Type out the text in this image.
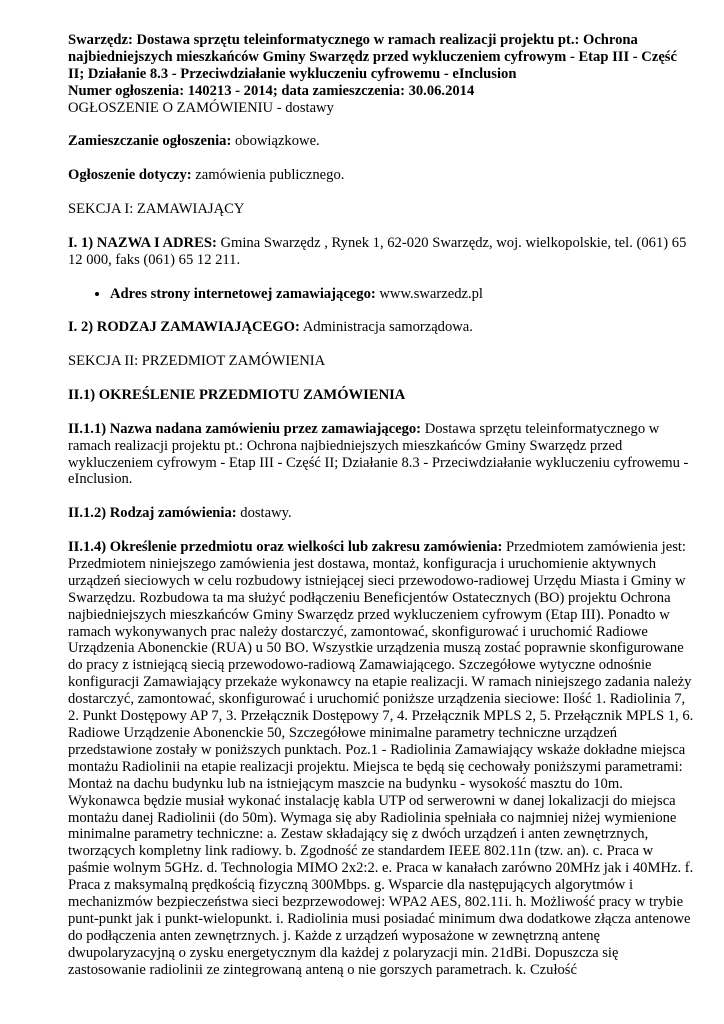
Swarzędz: Dostawa sprzętu teleinformatycznego w ramach realizacji projektu pt.: Ochrona najbiedniejszych mieszkańców Gminy Swarzędz przed wykluczeniem cyfrowym - Etap III - Część II; Działanie 8.3 - Przeciwdziałanie wykluczeniu cyfrowemu - eInclusion
Numer ogłoszenia: 140213 - 2014; data zamieszczenia: 30.06.2014
OGŁOSZENIE O ZAMÓWIENIU - dostawy

Zamieszczanie ogłoszenia: obowiązkowe.

Ogłoszenie dotyczy: zamówienia publicznego.

SEKCJA I: ZAMAWIAJĄCY

I. 1) NAZWA I ADRES: Gmina Swarzędz , Rynek 1, 62-020 Swarzędz, woj. wielkopolskie, tel. (061) 65 12 000, faks (061) 65 12 211.

• Adres strony internetowej zamawiającego: www.swarzedz.pl

I. 2) RODZAJ ZAMAWIAJĄCEGO: Administracja samorządowa.

SEKCJA II: PRZEDMIOT ZAMÓWIENIA

II.1) OKREŚLENIE PRZEDMIOTU ZAMÓWIENIA

II.1.1) Nazwa nadana zamówieniu przez zamawiającego: Dostawa sprzętu teleinformatycznego w ramach realizacji projektu pt.: Ochrona najbiedniejszych mieszkańców Gminy Swarzędz przed wykluczeniem cyfrowym - Etap III - Część II; Działanie 8.3 - Przeciwdziałanie wykluczeniu cyfrowemu - eInclusion.

II.1.2) Rodzaj zamówienia: dostawy.

II.1.4) Określenie przedmiotu oraz wielkości lub zakresu zamówienia: Przedmiotem zamówienia jest: Przedmiotem niniejszego zamówienia jest dostawa, montaż, konfiguracja i uruchomienie aktywnych urządzeń sieciowych w celu rozbudowy istniejącej sieci przewodowo-radiowej Urzędu Miasta i Gminy w Swarzędzu. Rozbudowa ta ma służyć podłączeniu Beneficjentów Ostatecznych (BO) projektu Ochrona najbiedniejszych mieszkańców Gminy Swarzędz przed wykluczeniem cyfrowym (Etap III). Ponadto w ramach wykonywanych prac należy dostarczyć, zamontować, skonfigurować i uruchomić Radiowe Urządzenia Abonenckie (RUA) u 50 BO. Wszystkie urządzenia muszą zostać poprawnie skonfigurowane do pracy z istniejącą siecią przewodowo-radiową Zamawiającego. Szczegółowe wytyczne odnośnie konfiguracji Zamawiający przekaże wykonawcy na etapie realizacji. W ramach niniejszego zadania należy dostarczyć, zamontować, skonfigurować i uruchomić poniższe urządzenia sieciowe: Ilość 1. Radiolinia 7, 2. Punkt Dostępowy AP 7, 3. Przełącznik Dostępowy 7, 4. Przełącznik MPLS 2, 5. Przełącznik MPLS 1, 6. Radiowe Urządzenie Abonenckie 50, Szczegółowe minimalne parametry techniczne urządzeń przedstawione zostały w poniższych punktach. Poz.1 - Radiolinia Zamawiający wskaże dokładne miejsca montażu Radiolinii na etapie realizacji projektu. Miejsca te będą się cechowały poniższymi parametrami: Montaż na dachu budynku lub na istniejącym maszcie na budynku - wysokość masztu do 10m. Wykonawca będzie musiał wykonać instalację kabla UTP od serwerowni w danej lokalizacji do miejsca montażu danej Radiolinii (do 50m). Wymaga się aby Radiolinia spełniała co najmniej niżej wymienione minimalne parametry techniczne: a. Zestaw składający się z dwóch urządzeń i anten zewnętrznych, tworzących kompletny link radiowy. b. Zgodność ze standardem IEEE 802.11n (tzw. an). c. Praca w paśmie wolnym 5GHz. d. Technologia MIMO 2x2:2. e. Praca w kanałach zarówno 20MHz jak i 40MHz. f. Praca z maksymalną prędkością fizyczną 300Mbps. g. Wsparcie dla następujących algorytmów i mechanizmów bezpieczeństwa sieci bezprzewodowej: WPA2 AES, 802.11i. h. Możliwość pracy w trybie punt-punkt jak i punkt-wielopunkt. i. Radiolinia musi posiadać minimum dwa dodatkowe złącza antenowe do podłączenia anten zewnętrznych. j. Każde z urządzeń wyposażone w zewnętrzną antenę dwupolaryzacyjną o zysku energetycznym dla każdej z polaryzacji min. 21dBi. Dopuszcza się zastosowanie radiolinii ze zintegrowaną anteną o nie gorszych parametrach. k. Czułość
